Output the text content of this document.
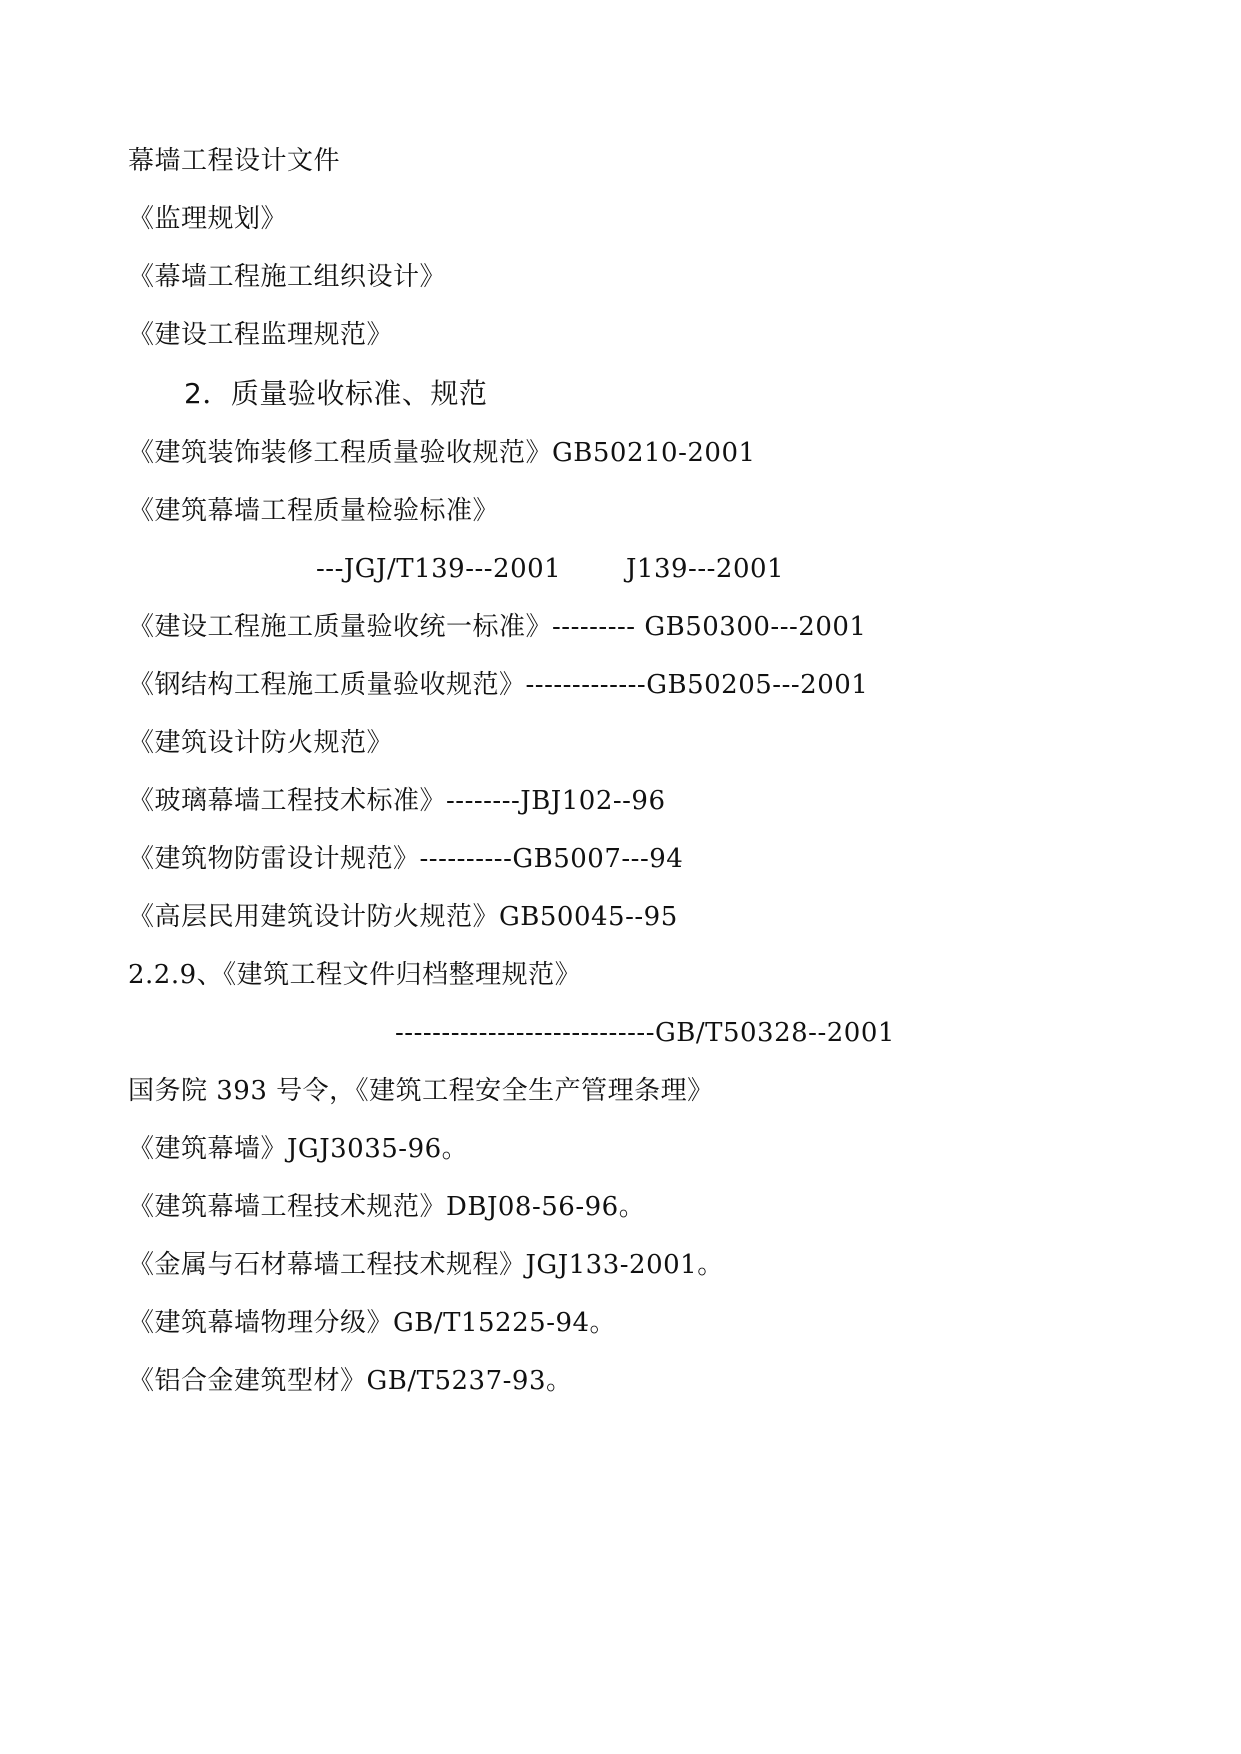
幕墙工程设计文件
《监理规划》
《幕墙工程施工组织设计》
《建设工程监理规范》
2．质量验收标准、规范
《建筑装饰装修工程质量验收规范》GB50210-2001
《建筑幕墙工程质量检验标准》
---JGJ/T139---2001 J139---2001
《建设工程施工质量验收统一标准》--------- GB50300---2001
《钢结构工程施工质量验收规范》-------------GB50205---2001
《建筑设计防火规范》
《玻璃幕墙工程技术标准》--------JBJ102--96
《建筑物防雷设计规范》----------GB5007---94
《高层民用建筑设计防火规范》GB50045--95
2.2.9、《建筑工程文件归档整理规范》
----------------------------GB/T50328--2001
国务院 393 号令，《建筑工程安全生产管理条理》
《建筑幕墙》JGJ3035-96。
《建筑幕墙工程技术规范》DBJ08-56-96。
《金属与石材幕墙工程技术规程》JGJ133-2001。
《建筑幕墙物理分级》GB/T15225-94。
《铝合金建筑型材》GB/T5237-93。
